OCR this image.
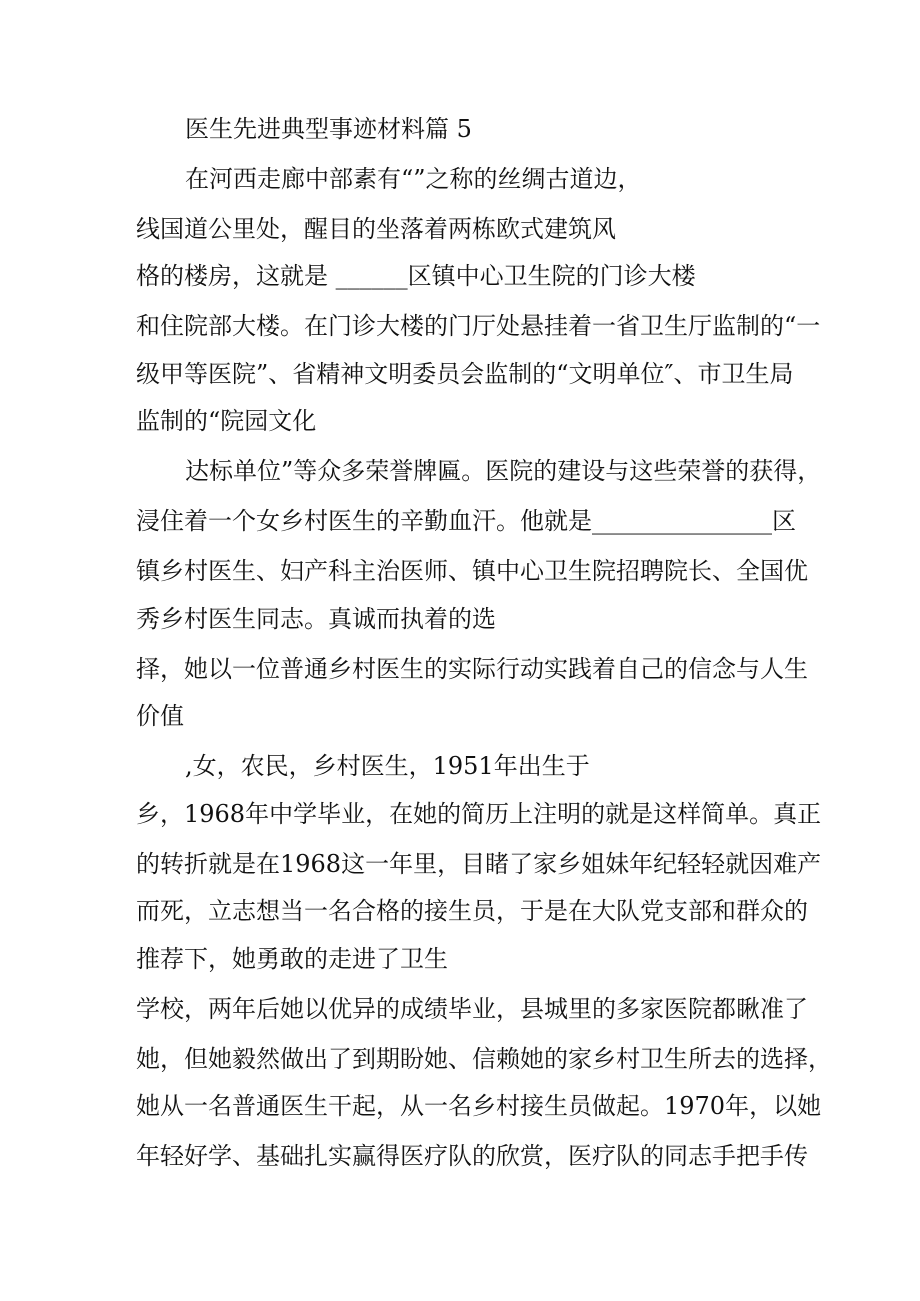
医生先进典型事迹材料篇 5
在河西走廊中部素有“”之称的丝绸古道边，
线国道公里处，醒目的坐落着两栋欧式建筑风
格的楼房，这就是 ______区镇中心卫生院的门诊大楼
和住院部大楼。在门诊大楼的门厅处悬挂着一省卫生厅监制的“一
级甲等医院”、省精神文明委员会监制的“文明单位″、市卫生局
监制的“院园文化
达标单位”等众多荣誉牌匾。医院的建设与这些荣誉的获得，
浸住着一个女乡村医生的辛勤血汗。他就是_______________区
镇乡村医生、妇产科主治医师、镇中心卫生院招聘院长、全国优
秀乡村医生同志。真诚而执着的选
择，她以一位普通乡村医生的实际行动实践着自己的信念与人生
价值
,女，农民，乡村医生，1951年出生于
乡，1968年中学毕业，在她的简历上注明的就是这样简单。真正
的转折就是在1968这一年里，目睹了家乡姐妹年纪轻轻就因难产
而死，立志想当一名合格的接生员，于是在大队党支部和群众的
推荐下，她勇敢的走进了卫生
学校，两年后她以优异的成绩毕业，县城里的多家医院都瞅准了
她，但她毅然做出了到期盼她、信赖她的家乡村卫生所去的选择，
她从一名普通医生干起，从一名乡村接生员做起。1970年，以她
年轻好学、基础扎实赢得医疗队的欣赏，医疗队的同志手把手传
